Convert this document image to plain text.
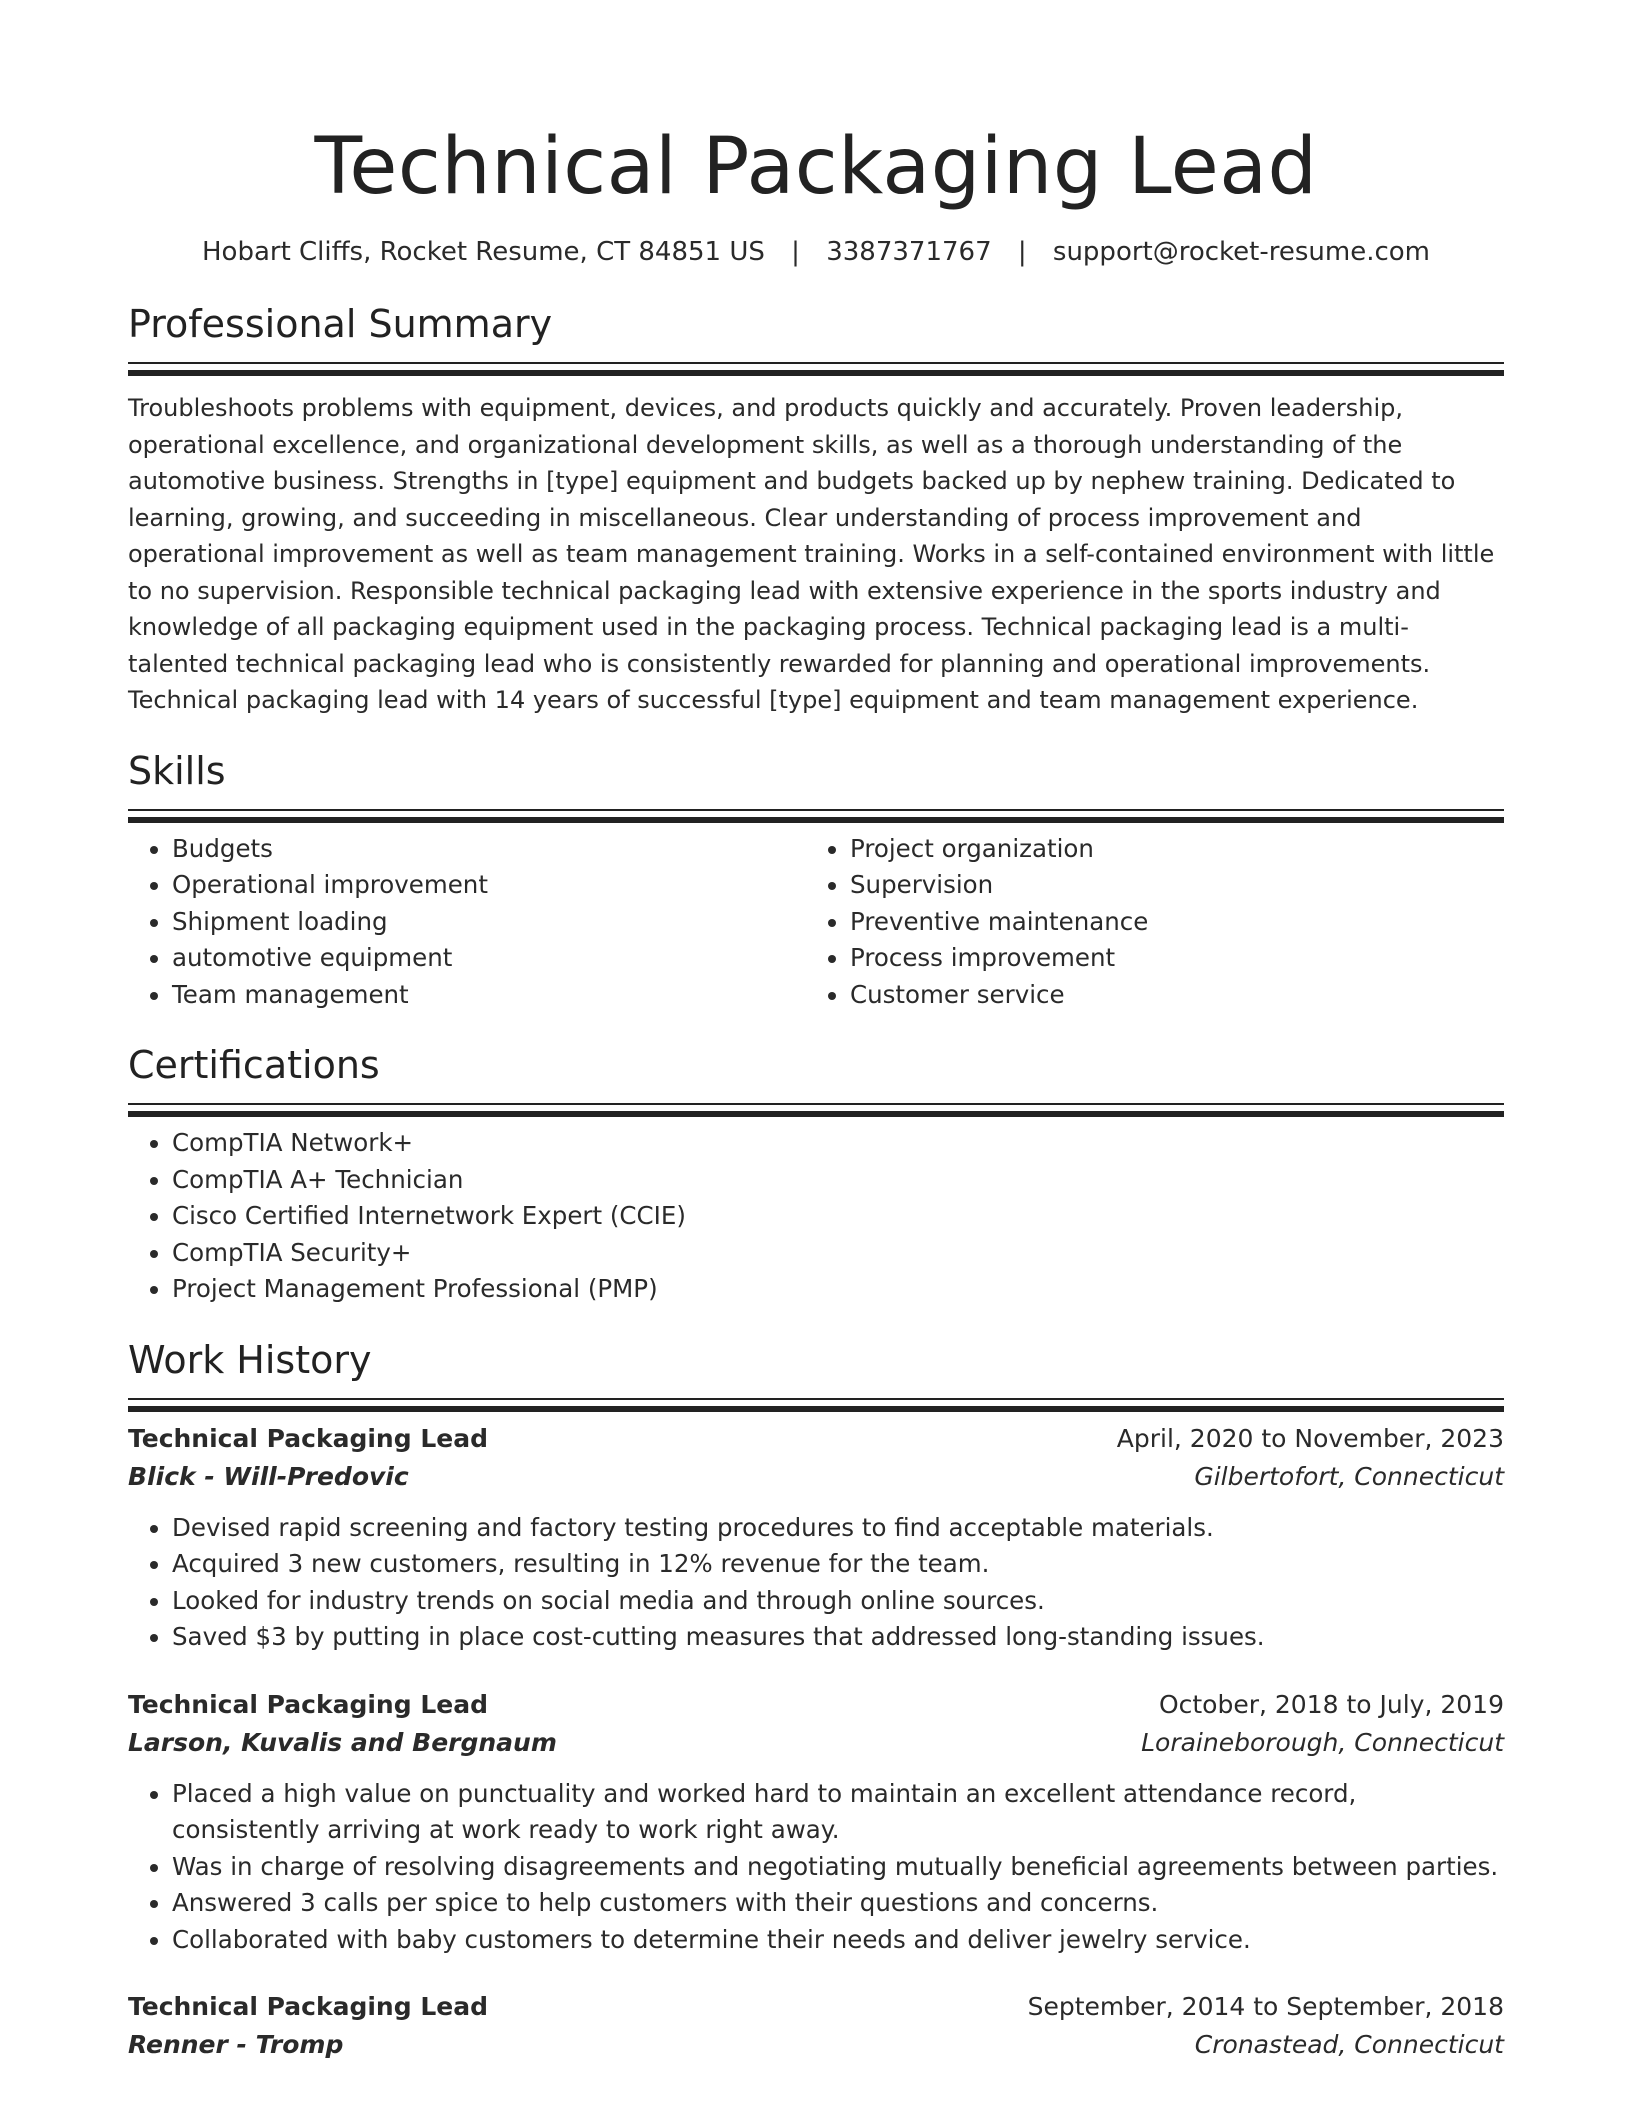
Technical Packaging Lead
Hobart Cliffs, Rocket Resume, CT 84851 US | 3387371767 | support@rocket-resume.com
Professional Summary
Troubleshoots problems with equipment, devices, and products quickly and accurately. Proven leadership, operational excellence, and organizational development skills, as well as a thorough understanding of the automotive business. Strengths in [type] equipment and budgets backed up by nephew training. Dedicated to learning, growing, and succeeding in miscellaneous. Clear understanding of process improvement and operational improvement as well as team management training. Works in a self-contained environment with little to no supervision. Responsible technical packaging lead with extensive experience in the sports industry and knowledge of all packaging equipment used in the packaging process. Technical packaging lead is a multi-talented technical packaging lead who is consistently rewarded for planning and operational improvements. Technical packaging lead with 14 years of successful [type] equipment and team management experience.
Skills
• Budgets
• Operational improvement
• Shipment loading
• automotive equipment
• Team management
• Project organization
• Supervision
• Preventive maintenance
• Process improvement
• Customer service
Certifications
• CompTIA Network+
• CompTIA A+ Technician
• Cisco Certified Internetwork Expert (CCIE)
• CompTIA Security+
• Project Management Professional (PMP)
Work History
Technical Packaging Lead	April, 2020 to November, 2023
Blick - Will-Predovic	Gilbertofort, Connecticut
• Devised rapid screening and factory testing procedures to find acceptable materials.
• Acquired 3 new customers, resulting in 12% revenue for the team.
• Looked for industry trends on social media and through online sources.
• Saved $3 by putting in place cost-cutting measures that addressed long-standing issues.
Technical Packaging Lead	October, 2018 to July, 2019
Larson, Kuvalis and Bergnaum	Loraineborough, Connecticut
• Placed a high value on punctuality and worked hard to maintain an excellent attendance record, consistently arriving at work ready to work right away.
• Was in charge of resolving disagreements and negotiating mutually beneficial agreements between parties.
• Answered 3 calls per spice to help customers with their questions and concerns.
• Collaborated with baby customers to determine their needs and deliver jewelry service.
Technical Packaging Lead	September, 2014 to September, 2018
Renner - Tromp	Cronastead, Connecticut
